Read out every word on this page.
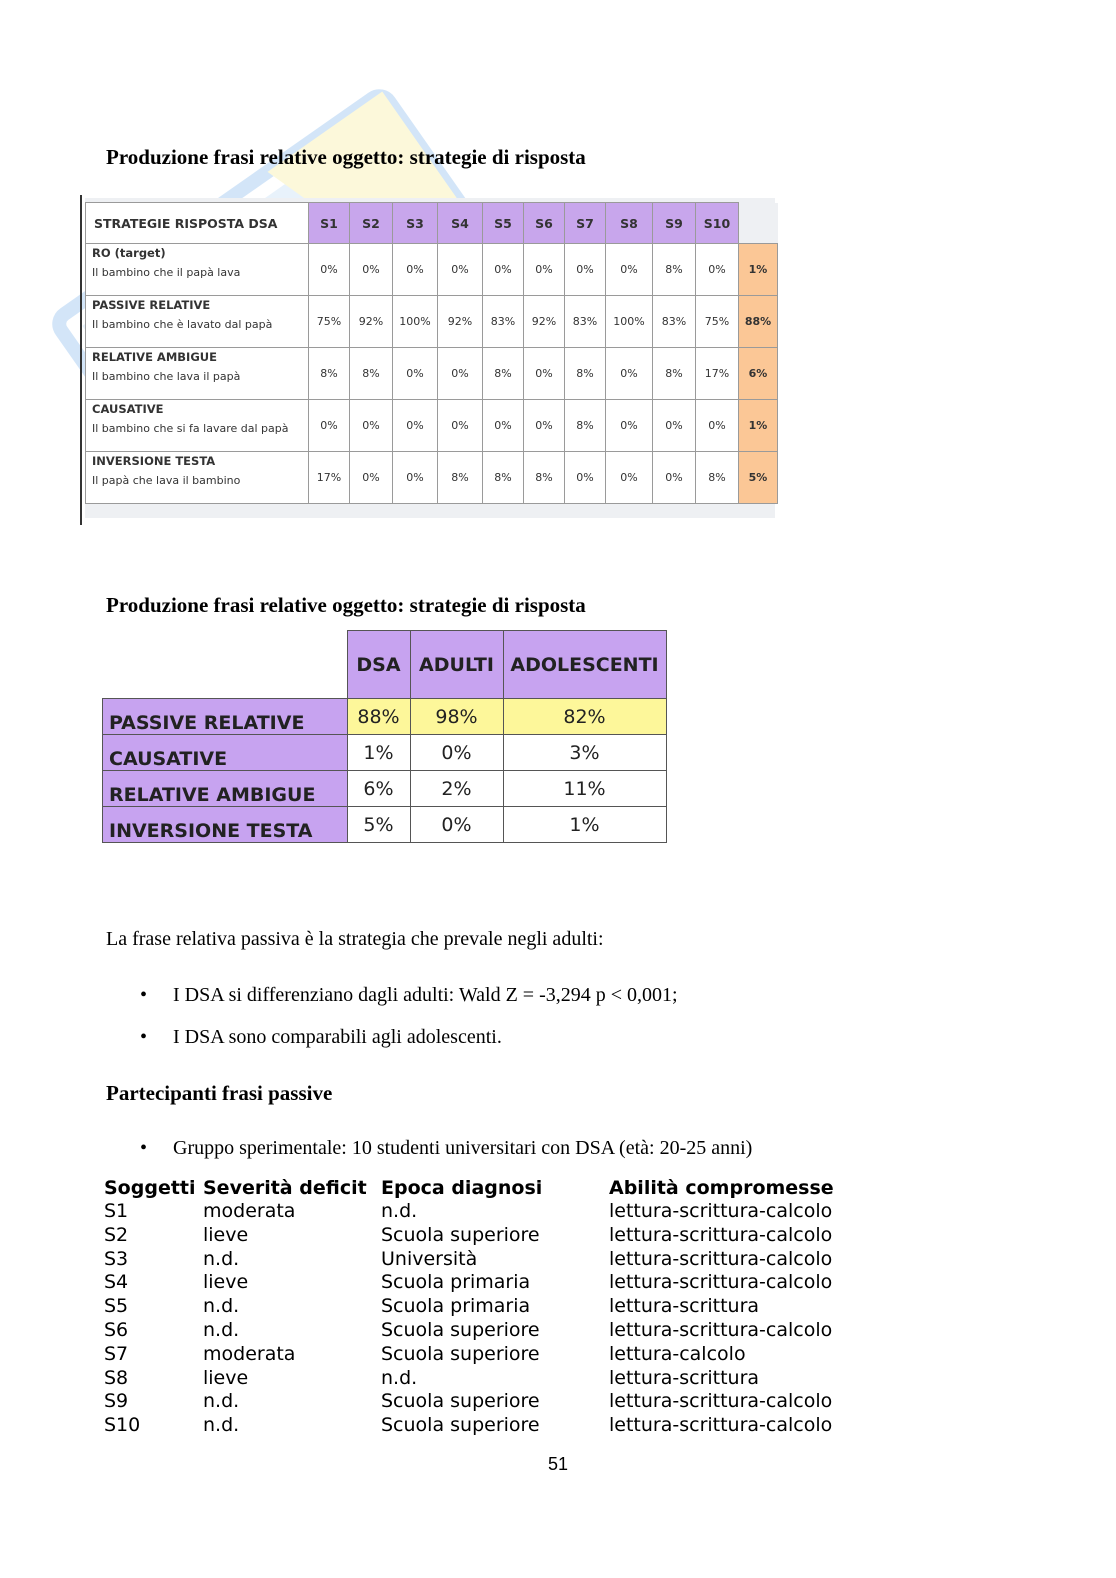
Produzione frasi relative oggetto: strategie di risposta
STRATEGIE RISPOSTA DSA	S1	S2	S3	S4	S5	S6	S7	S8	S9	S10	

RO (target)
Il bambino che il papà lava	0%	0%	0%	0%	0%	0%	0%	0%	8%	0%	1%

PASSIVE RELATIVE
Il bambino che è lavato dal papà	75%	92%	100%	92%	83%	92%	83%	100%	83%	75%	88%

RELATIVE AMBIGUE
Il bambino che lava il papà	8%	8%	0%	0%	8%	0%	8%	0%	8%	17%	6%

CAUSATIVE
Il bambino che si fa lavare dal papà	0%	0%	0%	0%	0%	0%	8%	0%	0%	0%	1%

INVERSIONE TESTA
Il papà che lava il bambino	17%	0%	0%	8%	8%	8%	0%	0%	0%	8%	5%
Produzione frasi relative oggetto: strategie di risposta
	DSA	ADULTI	ADOLESCENTI
PASSIVE RELATIVE	88%	98%	82%
CAUSATIVE	1%	0%	3%
RELATIVE AMBIGUE	6%	2%	11%
INVERSIONE TESTA	5%	0%	1%
La frase relativa passiva è la strategia che prevale negli adulti:
• I DSA si differenziano dagli adulti: Wald Z = -3,294 p < 0,001;
• I DSA sono comparabili agli adolescenti.
Partecipanti frasi passive
• Gruppo sperimentale: 10 studenti universitari con DSA (età: 20-25 anni)
Soggetti	Severità deficit	Epoca diagnosi	Abilità compromesse
S1	moderata	n.d.	lettura-scrittura-calcolo
S2	lieve	Scuola superiore	lettura-scrittura-calcolo
S3	n.d.	Università	lettura-scrittura-calcolo
S4	lieve	Scuola primaria	lettura-scrittura-calcolo
S5	n.d.	Scuola primaria	lettura-scrittura
S6	n.d.	Scuola superiore	lettura-scrittura-calcolo
S7	moderata	Scuola superiore	lettura-calcolo
S8	lieve	n.d.	lettura-scrittura
S9	n.d.	Scuola superiore	lettura-scrittura-calcolo
S10	n.d.	Scuola superiore	lettura-scrittura-calcolo
51
